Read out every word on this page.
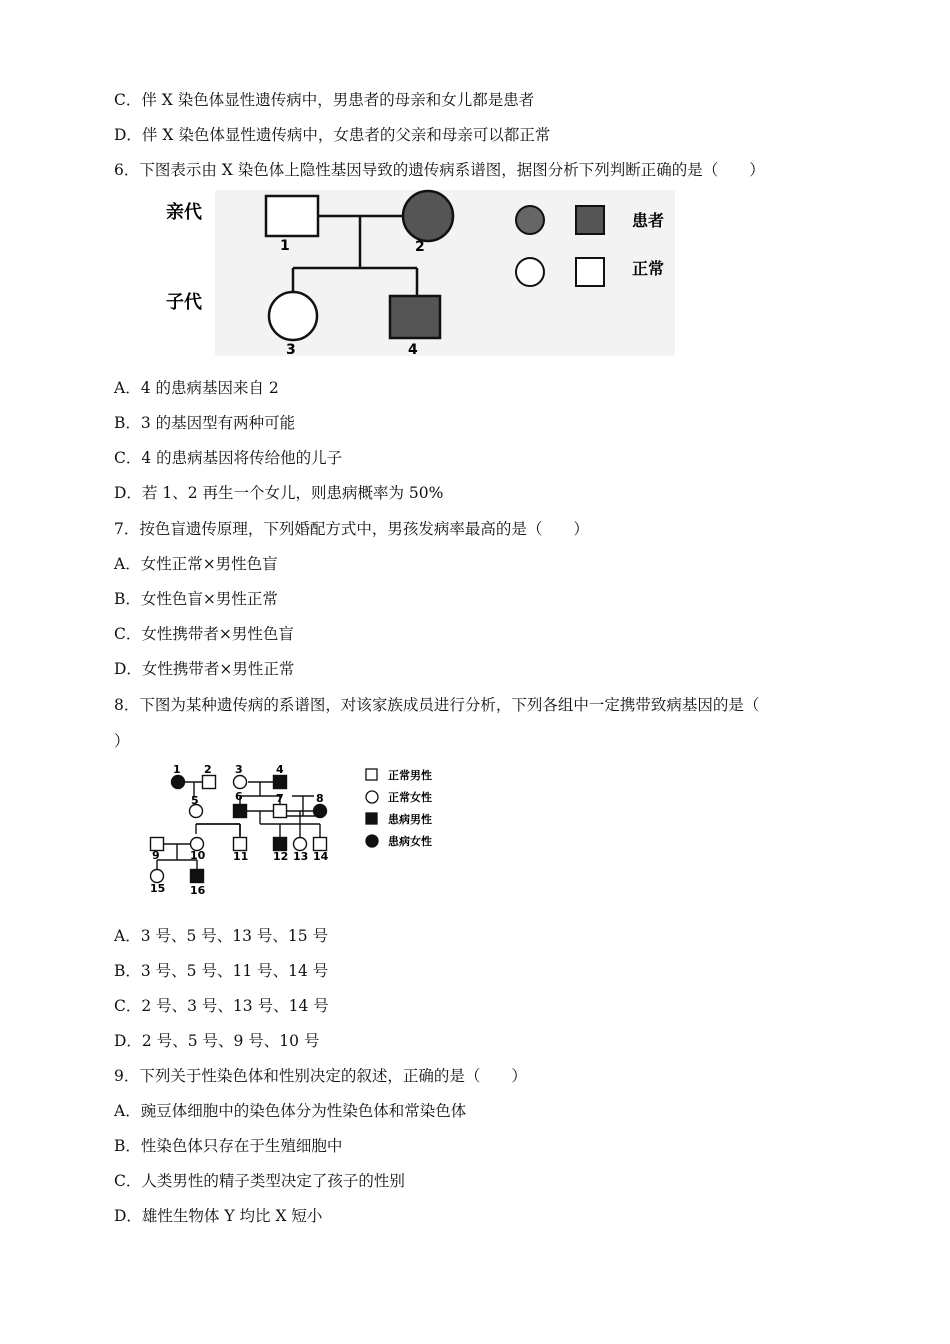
C．伴 X 染色体显性遗传病中，男患者的母亲和女儿都是患者
D．伴 X 染色体显性遗传病中，女患者的父亲和母亲可以都正常
6．下图表示由 X 染色体上隐性基因导致的遗传病系谱图，据图分析下列判断正确的是（　　）
亲代
子代
1	2
3	4
患者
正常
A．4 的患病基因来自 2
B．3 的基因型有两种可能
C．4 的患病基因将传给他的儿子
D．若 1、2 再生一个女儿，则患病概率为 50%
7．按色盲遗传原理，下列婚配方式中，男孩发病率最高的是（　　）
A．女性正常×男性色盲
B．女性色盲×男性正常
C．女性携带者×男性色盲
D．女性携带者×男性正常
8．下图为某种遗传病的系谱图，对该家族成员进行分析，下列各组中一定携带致病基因的是（
）
1 2 3	4
5	6	7	8
9	10	11 12 13 14
15 16
正常男性
正常女性
患病男性
患病女性
A．3 号、5 号、13 号、15 号
B．3 号、5 号、11 号、14 号
C．2 号、3 号、13 号、14 号
D．2 号、5 号、9 号、10 号
9．下列关于性染色体和性别决定的叙述，正确的是（　　）
A．豌豆体细胞中的染色体分为性染色体和常染色体
B．性染色体只存在于生殖细胞中
C．人类男性的精子类型决定了孩子的性别
D．雄性生物体 Y 均比 X 短小
